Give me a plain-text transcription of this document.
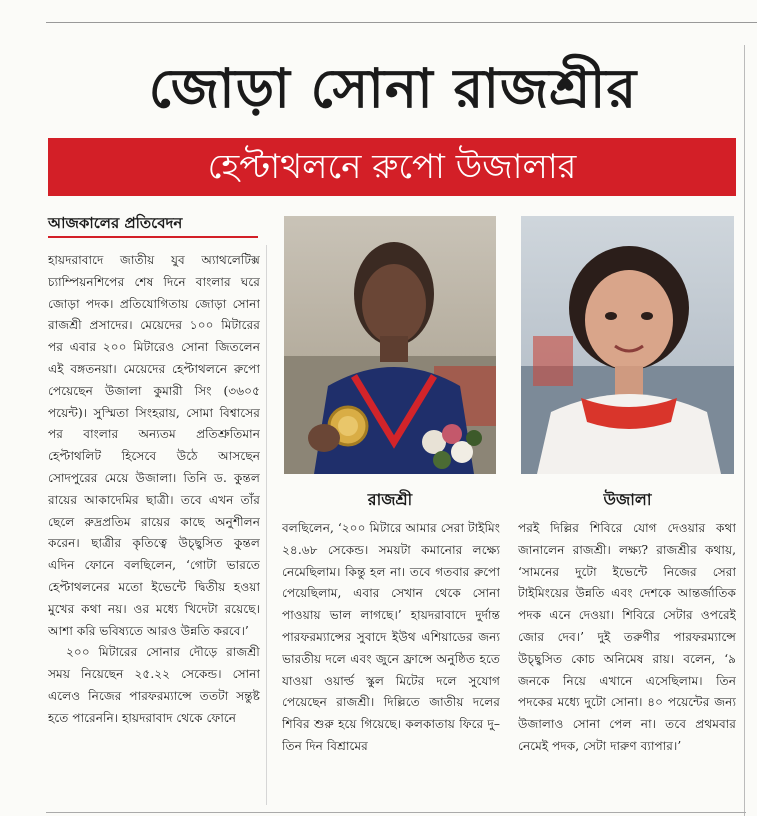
জোড়া সোনা রাজশ্রীর
হেপ্টাথলনে রুপো উজালার
আজকালের প্রতিবেদন

হায়দরাবাদে জাতীয় যুব অ্যাথলেটিক্স চ্যাম্পিয়নশিপের শেষ দিনে বাংলার ঘরে জোড়া পদক। প্রতিযোগিতায় জোড়া সোনা রাজশ্রী প্রসাদের। মেয়েদের ১০০ মিটারের পর এবার ২০০ মিটারেও সোনা জিতলেন এই বঙ্গতনয়া। মেয়েদের হেপ্টাথলনে রুপো পেয়েছেন উজালা কুমারী সিং (৩৬০৫ পয়েন্ট)। সুস্মিতা সিংহরায়, সোমা বিশ্বাসের পর বাংলার অন্যতম প্রতিশ্রুতিমান হেপ্টাথলিট হিসেবে উঠে আসছেন সোদপুরের মেয়ে উজালা। তিনি ড. কুন্তল রায়ের আকাদেমির ছাত্রী। তবে এখন তাঁর ছেলে রুদ্রপ্রতিম রায়ের কাছে অনুশীলন করেন। ছাত্রীর কৃতিত্বে উচ্ছ্বসিত কুন্তল এদিন ফোনে বলছিলেন, ‘গোটা ভারতে হেপ্টাথলনের মতো ইভেন্টে দ্বিতীয় হওয়া মুখের কথা নয়। ওর মধ্যে খিদেটা রয়েছে। আশা করি ভবিষ্যতে আরও উন্নতি করবে।’

২০০ মিটারের সোনার দৌড়ে রাজশ্রী সময় নিয়েছেন ২৫.২২ সেকেন্ড। সোনা এলেও নিজের পারফরম্যান্সে ততটা সন্তুষ্ট হতে পারেননি। হায়দরাবাদ থেকে ফোনে

রাজশ্রী	উজালা

বলছিলেন, ‘২০০ মিটারে আমার সেরা টাইমিং ২৪.৬৮ সেকেন্ড। সময়টা কমানোর লক্ষ্যে নেমেছিলাম। কিন্তু হল না। তবে গতবার রুপো পেয়েছিলাম, এবার সেখান থেকে সোনা পাওয়ায় ভাল লাগছে।’ হায়দরাবাদে দুর্দান্ত পারফরম্যান্সের সুবাদে ইউথ এশিয়াডের জন্য ভারতীয় দলে এবং জুনে ফ্রান্সে অনুষ্ঠিত হতে যাওয়া ওয়ার্ল্ড স্কুল মিটের দলে সুযোগ পেয়েছেন রাজশ্রী। দিল্লিতে জাতীয় দলের শিবির শুরু হয়ে গিয়েছে। কলকাতায় ফিরে দু–তিন দিন বিশ্রামের

পরই দিল্লির শিবিরে যোগ দেওয়ার কথা জানালেন রাজশ্রী। লক্ষ্য? রাজশ্রীর কথায়, ‘সামনের দুটো ইভেন্টে নিজের সেরা টাইমিংয়ের উন্নতি এবং দেশকে আন্তর্জাতিক পদক এনে দেওয়া। শিবিরে সেটার ওপরেই জোর দেব।’ দুই তরুণীর পারফরম্যান্সে উচ্ছ্বসিত কোচ অনিমেষ রায়। বলেন, ‘৯ জনকে নিয়ে এখানে এসেছিলাম। তিন পদকের মধ্যে দুটো সোনা। ৪০ পয়েন্টের জন্য উজালাও সোনা পেল না। তবে প্রথমবার নেমেই পদক, সেটা দারুণ ব্যাপার।’
